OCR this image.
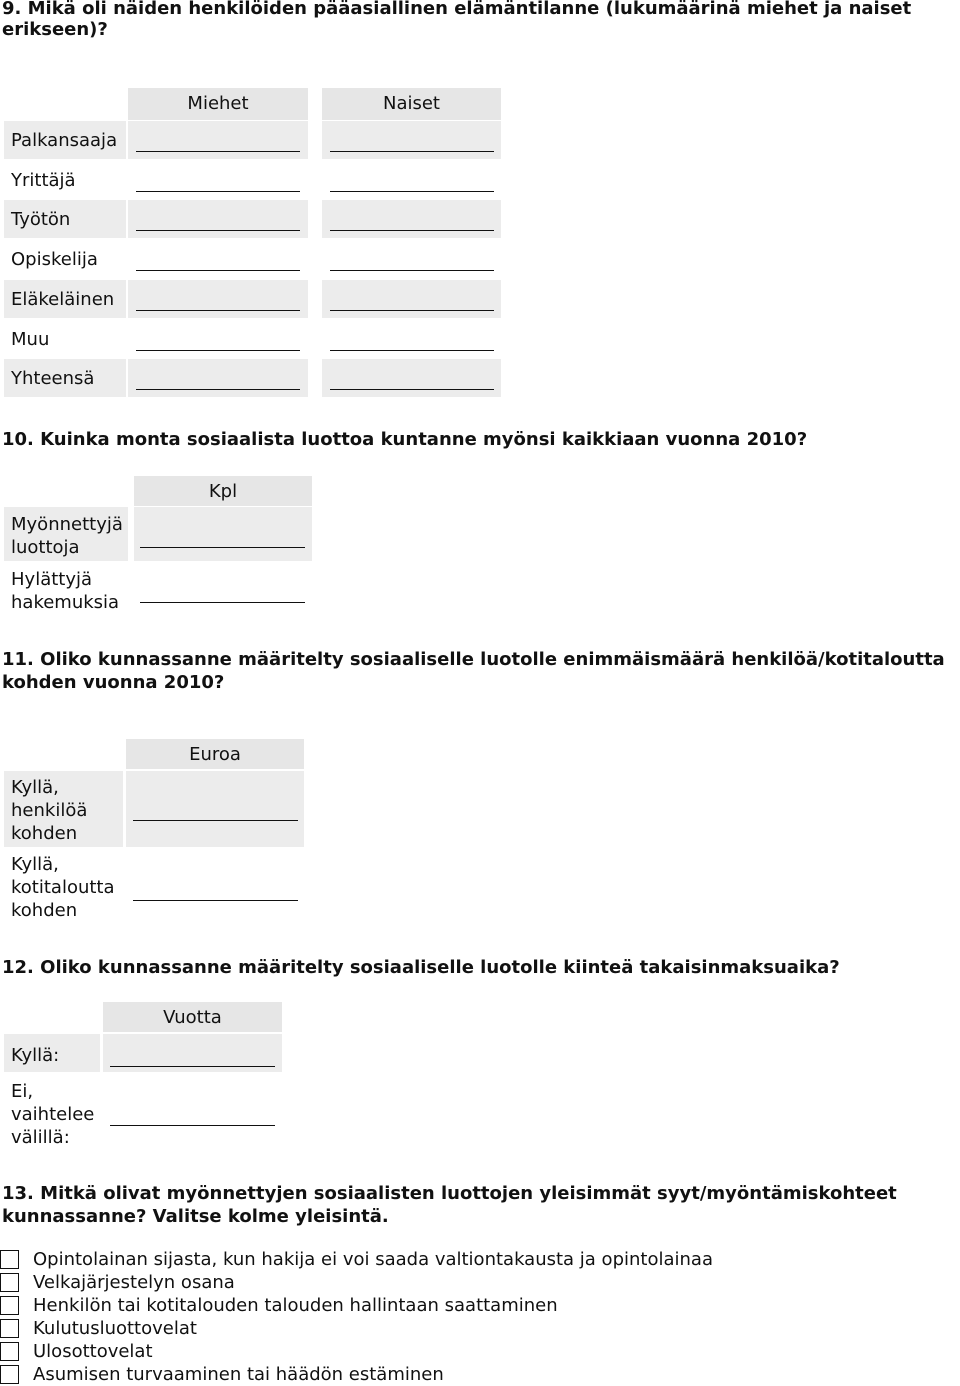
9. Mikä oli näiden henkilöiden pääasiallinen elämäntilanne (lukumäärinä miehet ja naiset

erikseen)?

Miehet	Naiset
Palkansaaja
Yrittäjä
Työtön
Opiskelija
Eläkeläinen
Muu
Yhteensä
10. Kuinka monta sosiaalista luottoa kuntanne myönsi kaikkiaan vuonna 2010?
Kpl
Myönnettyjä
luottoja
Hylättyjä
hakemuksia
11. Oliko kunnassanne määritelty sosiaaliselle luotolle enimmäismäärä henkilöä/kotitaloutta
kohden vuonna 2010?
Euroa
Kyllä,
henkilöä
kohden
Kyllä,
kotitaloutta
kohden
12. Oliko kunnassanne määritelty sosiaaliselle luotolle kiinteä takaisinmaksuaika?
Vuotta
Kyllä:
Ei,
vaihtelee
välillä:
13. Mitkä olivat myönnettyjen sosiaalisten luottojen yleisimmät syyt/myöntämiskohteet
kunnassanne? Valitse kolme yleisintä.
Opintolainan sijasta, kun hakija ei voi saada valtiontakausta ja opintolainaa
Velkajärjestelyn osana
Henkilön tai kotitalouden talouden hallintaan saattaminen
Kulutusluottovelat
Ulosottovelat
Asumisen turvaaminen tai häädön estäminen
